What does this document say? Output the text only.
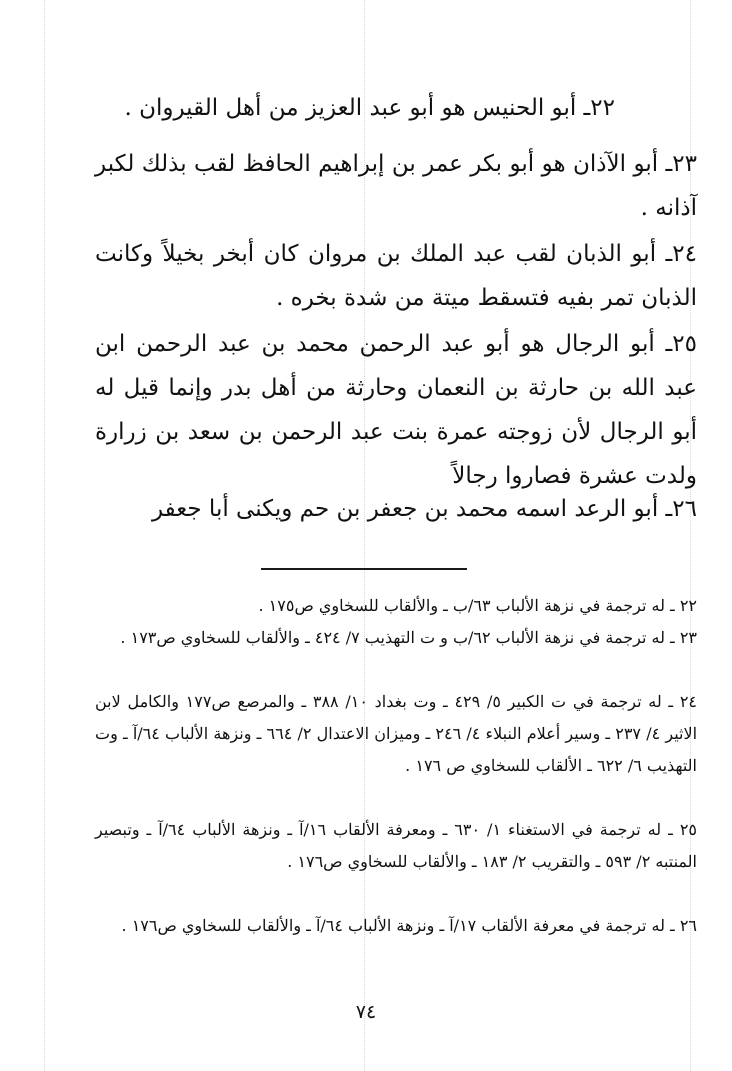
٢٢ـ أبو الحنيس هو أبو عبد العزيز من أهل القيروان .
٢٣ـ أبو الآذان هو أبو بكر عمر بن إبراهيم الحافظ لقب بذلك لكبر آذانه .
٢٤ـ أبو الذبان لقب عبد الملك بن مروان كان أبخر بخيلاً وكانت الذبان تمر بفيه فتسقط ميتة من شدة بخره .
٢٥ـ أبو الرجال هو أبو عبد الرحمن محمد بن عبد الرحمن ابن عبد الله بن حارثة بن النعمان وحارثة من أهل بدر وإنما قيل له أبو الرجال لأن زوجته عمرة بنت عبد الرحمن بن سعد بن زرارة ولدت عشرة فصاروا رجالاً
٢٦ـ أبو الرعد اسمه محمد بن جعفر بن حم ويكنى أبا جعفر
٢٢ ـ له ترجمة في نزهة الألباب ٦٣/ب ـ والألقاب للسخاوي ص١٧٥ .
٢٣ ـ له ترجمة في نزهة الألباب ٦٢/ب و ت التهذيب ٧/ ٤٢٤ ـ والألقاب للسخاوي ص١٧٣ .
٢٤ ـ له ترجمة في ت الكبير ٥/ ٤٢٩ ـ وت بغداد ١٠/ ٣٨٨ ـ والمرصع ص١٧٧ والكامل لابن الاثير ٤/ ٢٣٧ ـ وسير أعلام النبلاء ٤/ ٢٤٦ ـ وميزان الاعتدال ٢/ ٦٦٤ ـ ونزهة الألباب ٦٤/آ ـ وت التهذيب ٦/ ٦٢٢ ـ الألقاب للسخاوي ص ١٧٦ .
٢٥ ـ له ترجمة في الاستغناء ١/ ٦٣٠ ـ ومعرفة الألقاب ١٦/آ ـ ونزهة الألباب ٦٤/آ ـ وتبصير المنتبه ٢/ ٥٩٣ ـ والتقريب ٢/ ١٨٣ ـ والألقاب للسخاوي ص١٧٦ .
٢٦ ـ له ترجمة في معرفة الألقاب ١٧/آ ـ ونزهة الألباب ٦٤/آ ـ والألقاب للسخاوي ص١٧٦ .
٧٤
